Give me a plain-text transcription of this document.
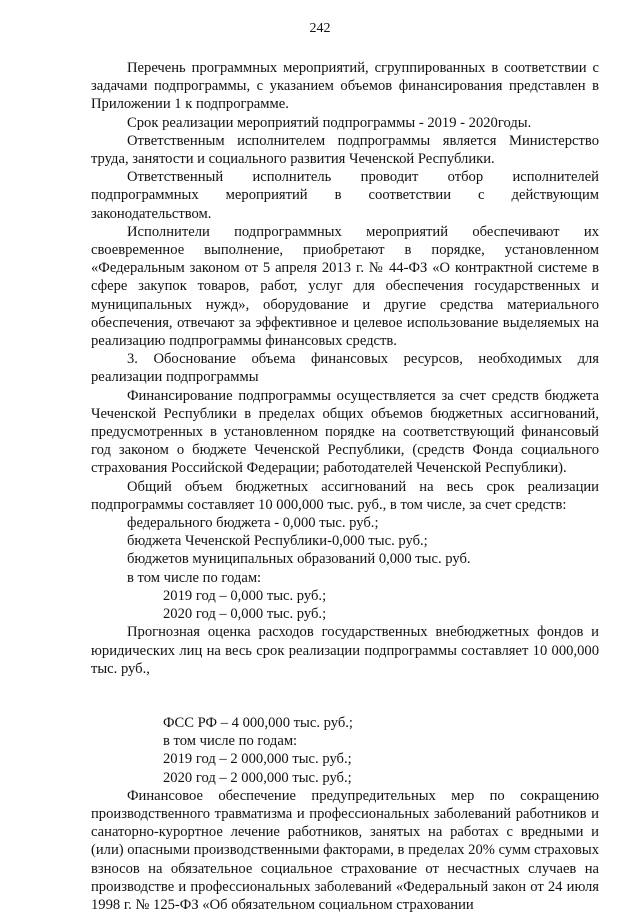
242

Перечень программных мероприятий, сгруппированных в соответствии с задачами подпрограммы, с указанием объемов финансирования представлен в Приложении 1 к подпрограмме.

Срок реализации мероприятий подпрограммы - 2019 - 2020годы.

Ответственным исполнителем подпрограммы является Министерство труда, занятости и социального развития Чеченской Республики.

Ответственный исполнитель проводит отбор исполнителей подпрограммных мероприятий в соответствии с действующим законодательством.

Исполнители подпрограммных мероприятий обеспечивают их своевременное выполнение, приобретают в порядке, установленном «Федеральным законом от 5 апреля 2013 г. № 44-ФЗ «О контрактной системе в сфере закупок товаров, работ, услуг для обеспечения государственных и муниципальных нужд», оборудование и другие средства материального обеспечения, отвечают за эффективное и целевое использование выделяемых на реализацию подпрограммы финансовых средств.

3. Обоснование объема финансовых ресурсов, необходимых для реализации подпрограммы

Финансирование подпрограммы осуществляется за счет средств бюджета Чеченской Республики в пределах общих объемов бюджетных ассигнований, предусмотренных в установленном порядке на соответствующий финансовый год законом о бюджете Чеченской Республики, (средств Фонда социального страхования Российской Федерации; работодателей Чеченской Республики).

Общий объем бюджетных ассигнований на весь срок реализации подпрограммы составляет 10 000,000 тыс. руб., в том числе, за счет средств:

федерального бюджета - 0,000 тыс. руб.;

бюджета Чеченской Республики-0,000 тыс. руб.;

бюджетов муниципальных образований 0,000 тыс. руб.

в том числе по годам:

2019 год – 0,000 тыс. руб.;

2020 год – 0,000 тыс. руб.;

Прогнозная оценка расходов государственных внебюджетных фондов и юридических лиц на весь срок реализации подпрограммы составляет 10 000,000 тыс. руб.,

ФСС РФ – 4 000,000 тыс. руб.;

в том числе по годам:

2019 год – 2 000,000 тыс. руб.;

2020 год – 2 000,000 тыс. руб.;

Финансовое обеспечение предупредительных мер по сокращению производственного травматизма и профессиональных заболеваний работников и санаторно-курортное лечение работников, занятых на работах с вредными и (или) опасными производственными факторами, в пределах 20% сумм страховых взносов на обязательное социальное страхование от несчастных случаев на производстве и профессиональных заболеваний «Федеральный закон от 24 июля 1998 г. № 125-ФЗ «Об обязательном социальном страховании
